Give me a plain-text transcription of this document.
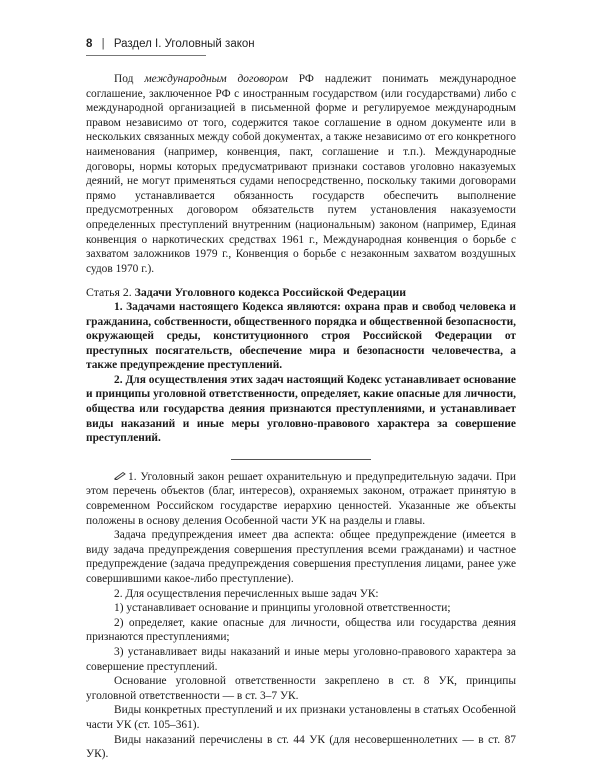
8 | Раздел I. Уголовный закон

Под международным договором РФ надлежит понимать международное соглашение, заключенное РФ с иностранным государством (или государствами) либо с международной организацией в письменной форме и регулируемое международным правом независимо от того, содержится такое соглашение в одном документе или в нескольких связанных между собой документах, а также независимо от его конкретного наименования (например, конвенция, пакт, соглашение и т.п.). Международные договоры, нормы которых предусматривают признаки составов уголовно наказуемых деяний, не могут применяться судами непосредственно, поскольку такими договорами прямо устанавливается обязанность государств обеспечить выполнение предусмотренных договором обязательств путем установления наказуемости определенных преступлений внутренним (национальным) законом (например, Единая конвенция о наркотических средствах 1961 г., Международная конвенция о борьбе с захватом заложников 1979 г., Конвенция о борьбе с незаконным захватом воздушных судов 1970 г.).

Статья 2. Задачи Уголовного кодекса Российской Федерации

1. Задачами настоящего Кодекса являются: охрана прав и свобод человека и гражданина, собственности, общественного порядка и общественной безопасности, окружающей среды, конституционного строя Российской Федерации от преступных посягательств, обеспечение мира и безопасности человечества, а также предупреждение преступлений.

2. Для осуществления этих задач настоящий Кодекс устанавливает основание и принципы уголовной ответственности, определяет, какие опасные для личности, общества или государства деяния признаются преступлениями, и устанавливает виды наказаний и иные меры уголовно-правового характера за совершение преступлений.

1. Уголовный закон решает охранительную и предупредительную задачи. При этом перечень объектов (благ, интересов), охраняемых законом, отражает принятую в современном Российском государстве иерархию ценностей. Указанные же объекты положены в основу деления Особенной части УК на разделы и главы.

Задача предупреждения имеет два аспекта: общее предупреждение (имеется в виду задача предупреждения совершения преступления всеми гражданами) и частное предупреждение (задача предупреждения совершения преступления лицами, ранее уже совершившими какое-либо преступление).

2. Для осуществления перечисленных выше задач УК:

1) устанавливает основание и принципы уголовной ответственности;

2) определяет, какие опасные для личности, общества или государства деяния признаются преступлениями;

3) устанавливает виды наказаний и иные меры уголовно-правового характера за совершение преступлений.

Основание уголовной ответственности закреплено в ст. 8 УК, принципы уголовной ответственности — в ст. 3–7 УК.

Виды конкретных преступлений и их признаки установлены в статьях Особенной части УК (ст. 105–361).

Виды наказаний перечислены в ст. 44 УК (для несовершеннолетних — в ст. 87 УК).
